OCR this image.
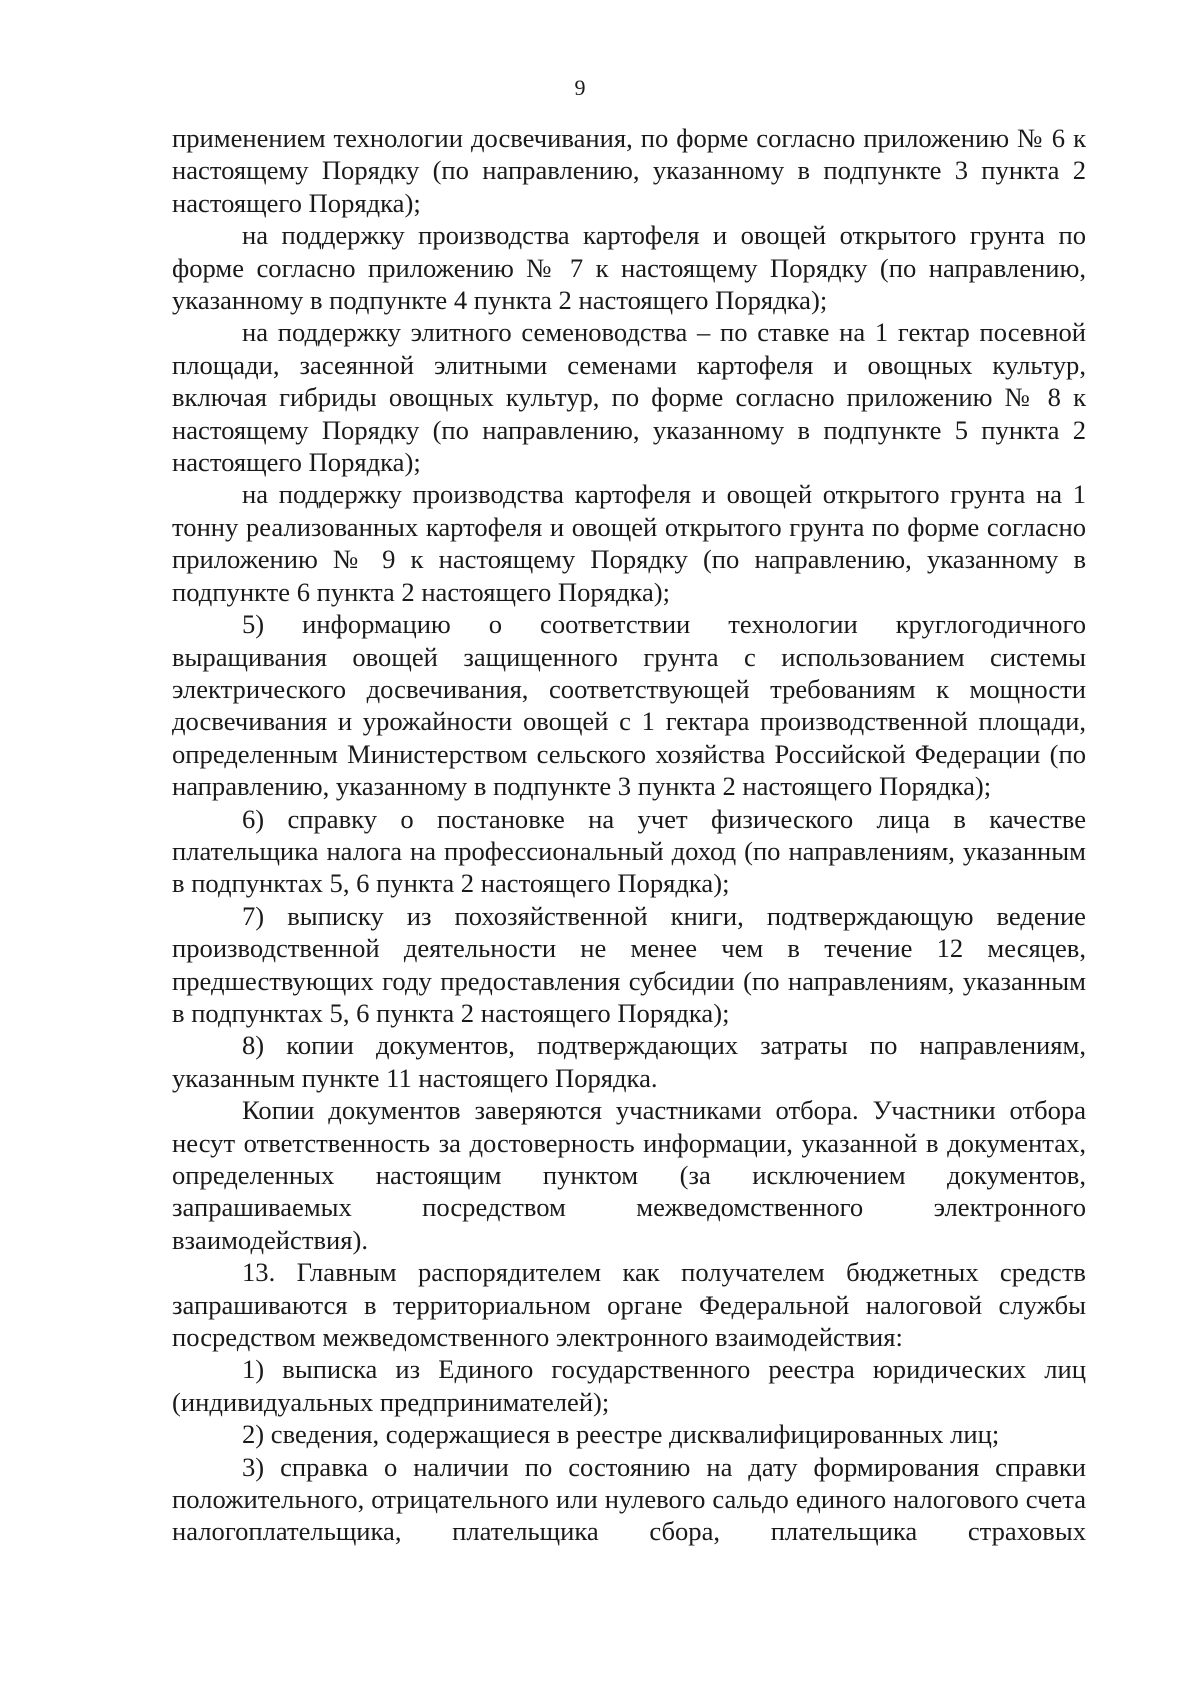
9

применением технологии досвечивания, по форме согласно приложению № 6 к настоящему Порядку (по направлению, указанному в подпункте 3 пункта 2 настоящего Порядка);

на поддержку производства картофеля и овощей открытого грунта по форме согласно приложению № 7 к настоящему Порядку (по направлению, указанному в подпункте 4 пункта 2 настоящего Порядка);

на поддержку элитного семеноводства – по ставке на 1 гектар посевной площади, засеянной элитными семенами картофеля и овощных культур, включая гибриды овощных культур, по форме согласно приложению № 8 к настоящему Порядку (по направлению, указанному в подпункте 5 пункта 2 настоящего Порядка);

на поддержку производства картофеля и овощей открытого грунта на 1 тонну реализованных картофеля и овощей открытого грунта по форме согласно приложению № 9 к настоящему Порядку (по направлению, указанному в подпункте 6 пункта 2 настоящего Порядка);

5) информацию о соответствии технологии круглогодичного выращивания овощей защищенного грунта с использованием системы электрического досвечивания, соответствующей требованиям к мощности досвечивания и урожайности овощей с 1 гектара производственной площади, определенным Министерством сельского хозяйства Российской Федерации (по направлению, указанному в подпункте 3 пункта 2 настоящего Порядка);

6) справку о постановке на учет физического лица в качестве плательщика налога на профессиональный доход (по направлениям, указанным в подпунктах 5, 6 пункта 2 настоящего Порядка);

7) выписку из похозяйственной книги, подтверждающую ведение производственной деятельности не менее чем в течение 12 месяцев, предшествующих году предоставления субсидии (по направлениям, указанным в подпунктах 5, 6 пункта 2 настоящего Порядка);

8) копии документов, подтверждающих затраты по направлениям, указанным пункте 11 настоящего Порядка.

Копии документов заверяются участниками отбора. Участники отбора несут ответственность за достоверность информации, указанной в документах, определенных настоящим пунктом (за исключением документов, запрашиваемых посредством межведомственного электронного взаимодействия).

13. Главным распорядителем как получателем бюджетных средств запрашиваются в территориальном органе Федеральной налоговой службы посредством межведомственного электронного взаимодействия:

1) выписка из Единого государственного реестра юридических лиц (индивидуальных предпринимателей);

2) сведения, содержащиеся в реестре дисквалифицированных лиц;

3) справка о наличии по состоянию на дату формирования справки положительного, отрицательного или нулевого сальдо единого налогового счета налогоплательщика, плательщика сбора, плательщика страховых
